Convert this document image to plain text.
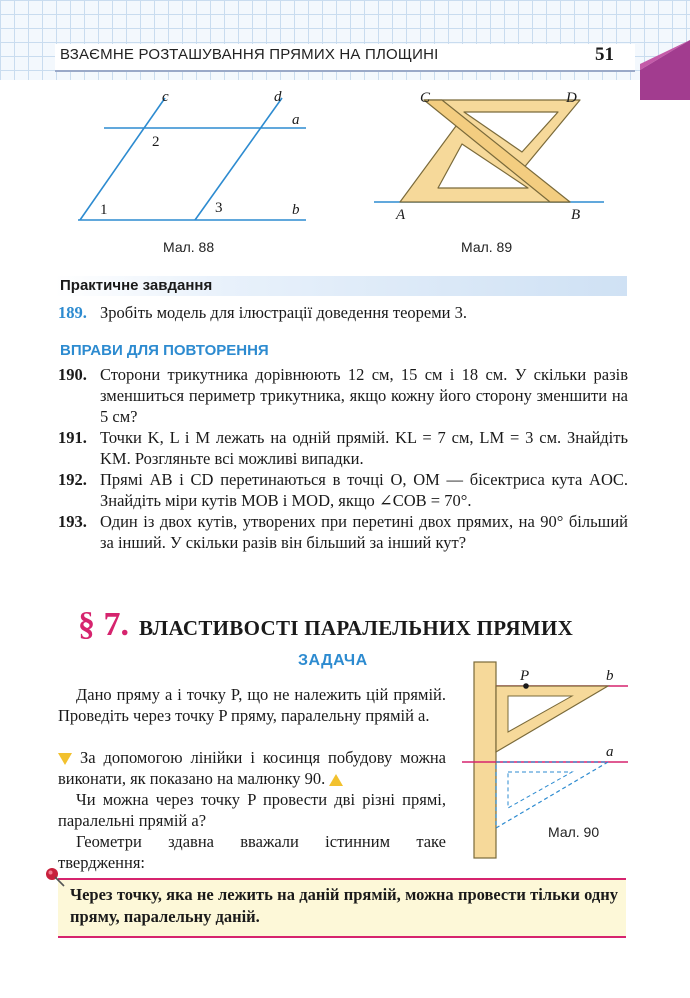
ВЗАЄМНЕ РОЗТАШУВАННЯ ПРЯМИХ НА ПЛОЩИНІ	51
c	d
a
b
1
2
3
Мал. 88
C	D
A	B
Мал. 89
Практичне завдання
189. Зробіть модель для ілюстрації доведення теореми 3.
ВПРАВИ ДЛЯ ПОВТОРЕННЯ
190. Сторони трикутника дорівнюють 12 см, 15 см і 18 см. У скільки разів зменшиться периметр трикутника, якщо кожну його сторону зменшити на 5 см?
191. Точки K, L і M лежать на одній прямій. KL = 7 см, LM = 3 см. Знайдіть KM. Розгляньте всі можливі випадки.
192. Прямі AB і CD перетинаються в точці O, OM — бісектриса кута AOC. Знайдіть міри кутів MOB і MOD, якщо ∠COB = 70°.
193. Один із двох кутів, утворених при перетині двох прямих, на 90° більший за інший. У скільки разів він більший за інший кут?
§ 7. ВЛАСТИВОСТІ ПАРАЛЕЛЬНИХ ПРЯМИХ
ЗАДАЧА
Дано пряму a і точку P, що не належить цій прямій. Проведіть через точку P пряму, паралельну прямій a.
За допомогою лінійки і косинця побудову можна виконати, як показано на малюнку 90.
Чи можна через точку P провести дві різні прямі, паралельні прямій a?
Геометри здавна вважали істинним таке твердження:
P	b
a
Мал. 90
Через точку, яка не лежить на даній прямій, можна провести тільки одну пряму, паралельну даній.
